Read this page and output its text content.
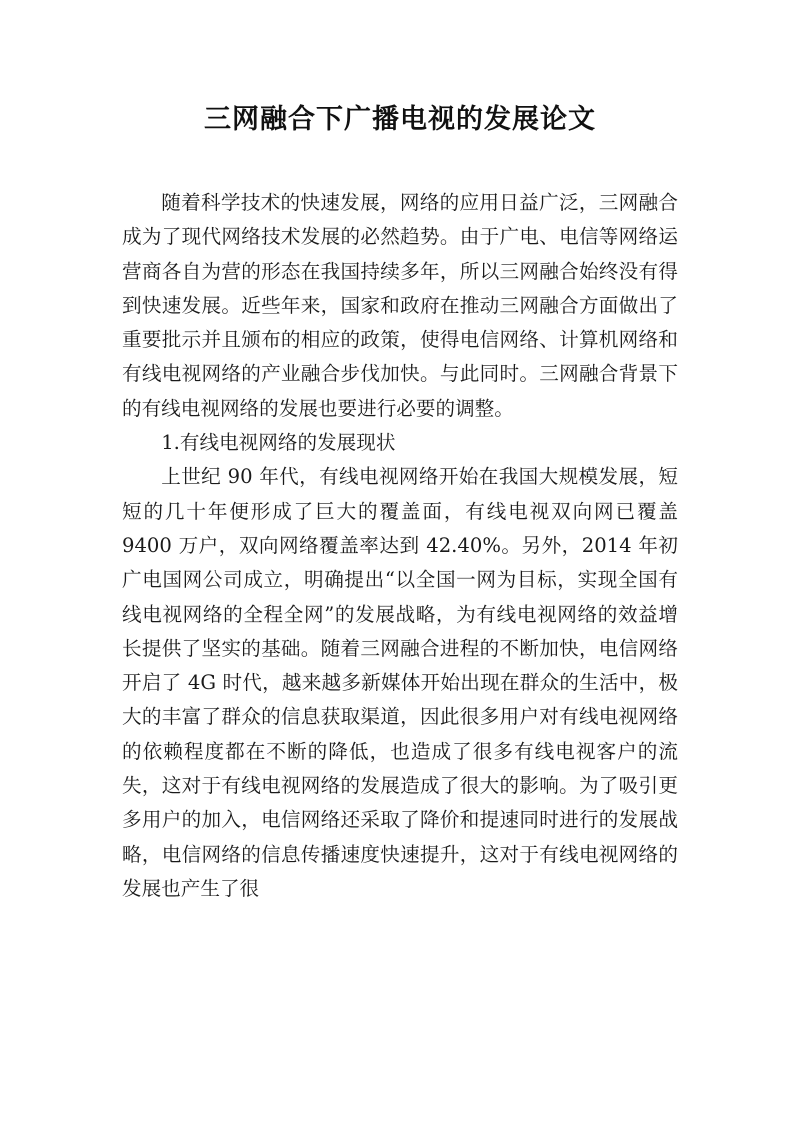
三网融合下广播电视的发展论文

随着科学技术的快速发展，网络的应用日益广泛，三网融合成为了现代网络技术发展的必然趋势。由于广电、电信等网络运营商各自为营的形态在我国持续多年，所以三网融合始终没有得到快速发展。近些年来，国家和政府在推动三网融合方面做出了重要批示并且颁布的相应的政策，使得电信网络、计算机网络和有线电视网络的产业融合步伐加快。与此同时。三网融合背景下的有线电视网络的发展也要进行必要的调整。

1.有线电视网络的发展现状

上世纪 90 年代，有线电视网络开始在我国大规模发展，短短的几十年便形成了巨大的覆盖面，有线电视双向网已覆盖 9400 万户，双向网络覆盖率达到 42.40%。另外，2014 年初广电国网公司成立，明确提出“以全国一网为目标，实现全国有线电视网络的全程全网”的发展战略，为有线电视网络的效益增长提供了坚实的基础。随着三网融合进程的不断加快，电信网络开启了 4G 时代，越来越多新媒体开始出现在群众的生活中，极大的丰富了群众的信息获取渠道，因此很多用户对有线电视网络的依赖程度都在不断的降低，也造成了很多有线电视客户的流失，这对于有线电视网络的发展造成了很大的影响。为了吸引更多用户的加入，电信网络还采取了降价和提速同时进行的发展战略，电信网络的信息传播速度快速提升，这对于有线电视网络的发展也产生了很
